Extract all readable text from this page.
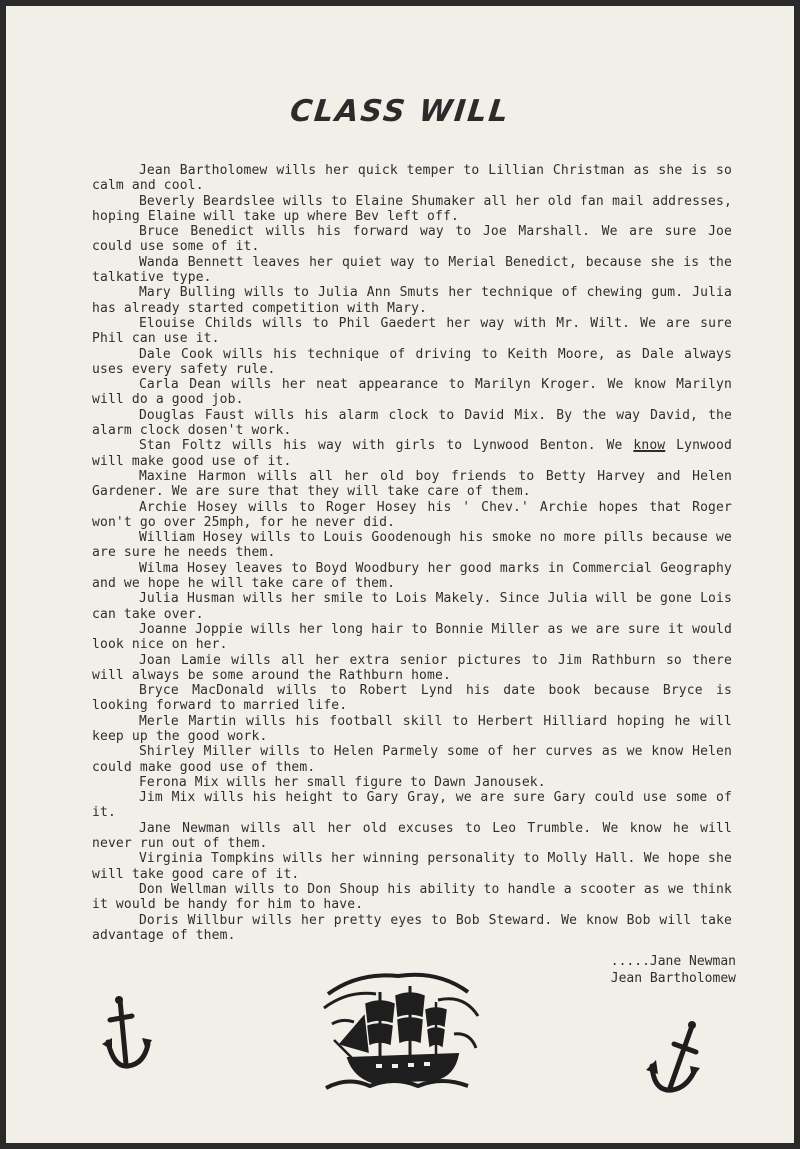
CLASS WILL

Jean Bartholomew wills her quick temper to Lillian Christman as she is so calm and cool.

Beverly Beardslee wills to Elaine Shumaker all her old fan mail addresses, hoping Elaine will take up where Bev left off.

Bruce Benedict wills his forward way to Joe Marshall. We are sure Joe could use some of it.

Wanda Bennett leaves her quiet way to Merial Benedict, because she is the talkative type.

Mary Bulling wills to Julia Ann Smuts her technique of chewing gum. Julia has already started competition with Mary.

Elouise Childs wills to Phil Gaedert her way with Mr. Wilt. We are sure Phil can use it.

Dale Cook wills his technique of driving to Keith Moore, as Dale always uses every safety rule.

Carla Dean wills her neat appearance to Marilyn Kroger. We know Marilyn will do a good job.

Douglas Faust wills his alarm clock to David Mix. By the way David, the alarm clock dosen't work.

Stan Foltz wills his way with girls to Lynwood Benton. We know Lynwood will make good use of it.

Maxine Harmon wills all her old boy friends to Betty Harvey and Helen Gardener. We are sure that they will take care of them.

Archie Hosey wills to Roger Hosey his ' Chev.' Archie hopes that Roger won't go over 25mph, for he never did.

William Hosey wills to Louis Goodenough his smoke no more pills because we are sure he needs them.

Wilma Hosey leaves to Boyd Woodbury her good marks in Commercial Geography and we hope he will take care of them.

Julia Husman wills her smile to Lois Makely. Since Julia will be gone Lois can take over.

Joanne Joppie wills her long hair to Bonnie Miller as we are sure it would look nice on her.

Joan Lamie wills all her extra senior pictures to Jim Rathburn so there will always be some around the Rathburn home.

Bryce MacDonald wills to Robert Lynd his date book because Bryce is looking forward to married life.

Merle Martin wills his football skill to Herbert Hilliard hoping he will keep up the good work.

Shirley Miller wills to Helen Parmely some of her curves as we know Helen could make good use of them.

Ferona Mix wills her small figure to Dawn Janousek.

Jim Mix wills his height to Gary Gray, we are sure Gary could use some of it.

Jane Newman wills all her old excuses to Leo Trumble. We know he will never run out of them.

Virginia Tompkins wills her winning personality to Molly Hall. We hope she will take good care of it.

Don Wellman wills to Don Shoup his ability to handle a scooter as we think it would be handy for him to have.

Doris Willbur wills her pretty eyes to Bob Steward. We know Bob will take advantage of them.

.....Jane Newman
Jean Bartholomew
